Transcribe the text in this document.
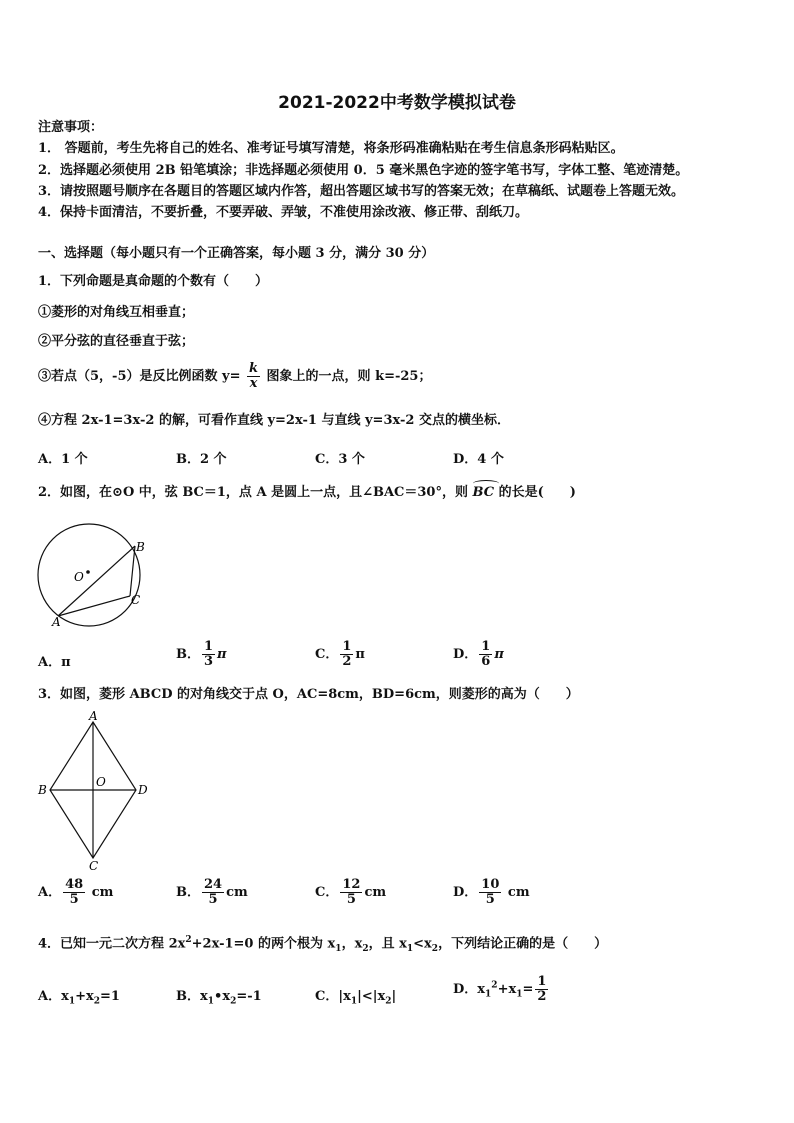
2021-2022中考数学模拟试卷
注意事项：
1． 答题前，考生先将自己的姓名、准考证号填写清楚，将条形码准确粘贴在考生信息条形码粘贴区。
2．选择题必须使用 2B 铅笔填涂；非选择题必须使用 0．5 毫米黑色字迹的签字笔书写，字体工整、笔迹清楚。
3．请按照题号顺序在各题目的答题区域内作答，超出答题区域书写的答案无效；在草稿纸、试题卷上答题无效。
4．保持卡面清洁，不要折叠，不要弄破、弄皱，不准使用涂改液、修正带、刮纸刀。
一、选择题（每小题只有一个正确答案，每小题 3 分，满分 30 分）
1．下列命题是真命题的个数有（　　）
①菱形的对角线互相垂直；
②平分弦的直径垂直于弦；
③若点（5，-5）是反比例函数 $y= \frac{k}{x}$ 图象上的一点，则 k=-25；
④方程 2x-1=3x-2 的解，可看作直线 y=2x-1 与直线 y=3x-2 交点的横坐标．
A．1 个	B．2 个	C．3 个	D．4 个
2．如图，在⊙O 中，弦 BC＝1，点 A 是圆上一点，且∠BAC＝30°，则 BC 的长是(　　)
O
B
C
A
A．π
B． $\frac{1}{3}$ π	C． $\frac{1}{2}$ π	D． $\frac{1}{6}$ π
3．如图，菱形 ABCD 的对角线交于点 O，AC=8cm，BD=6cm，则菱形的高为（　　）
A
B	D
C
O
A． $\frac{48}{5}$ cm	B． $\frac{24}{5}$ cm	C． $\frac{12}{5}$ cm	D． $\frac{10}{5}$ cm
4．已知一元二次方程 $2x^2+2x-1=0$ 的两个根为 $x_1$，$x_2$，且 $x_1<x_2$，下列结论正确的是（　　）
A．$x_1+x_2=1$	B．$x_1•x_2=-1$	C．$|x_1|<|x_2|$	D．$x_1^2+x_1= \frac{1}{2}$
